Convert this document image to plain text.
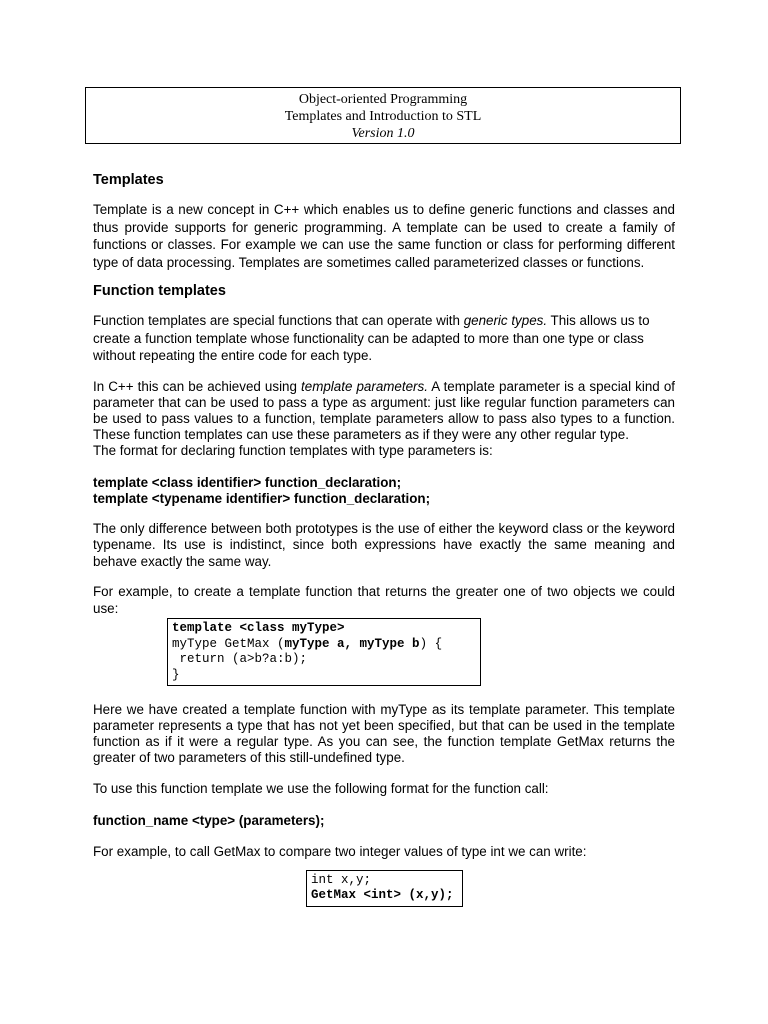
Object-oriented Programming
Templates and Introduction to STL
Version 1.0
Templates

Template is a new concept in C++ which enables us to define generic functions and classes and thus provide supports for generic programming. A template can be used to create a family of functions or classes. For example we can use the same function or class for performing different type of data processing. Templates are sometimes called parameterized classes or functions.

Function templates

Function templates are special functions that can operate with generic types. This allows us to create a function template whose functionality can be adapted to more than one type or class without repeating the entire code for each type.

In C++ this can be achieved using template parameters. A template parameter is a special kind of parameter that can be used to pass a type as argument: just like regular function parameters can be used to pass values to a function, template parameters allow to pass also types to a function. These function templates can use these parameters as if they were any other regular type.

The format for declaring function templates with type parameters is:

template <class identifier> function_declaration;

template <typename identifier> function_declaration;

The only difference between both prototypes is the use of either the keyword class or the keyword typename. Its use is indistinct, since both expressions have exactly the same meaning and behave exactly the same way.

For example, to create a template function that returns the greater one of two objects we could use:

template <class myType>
myType GetMax (myType a, myType b) {
return (a>b?a:b);
}

Here we have created a template function with myType as its template parameter. This template parameter represents a type that has not yet been specified, but that can be used in the template function as if it were a regular type. As you can see, the function template GetMax returns the greater of two parameters of this still-undefined type.

To use this function template we use the following format for the function call:

function_name <type> (parameters);

For example, to call GetMax to compare two integer values of type int we can write:

int x,y;
GetMax <int> (x,y);
